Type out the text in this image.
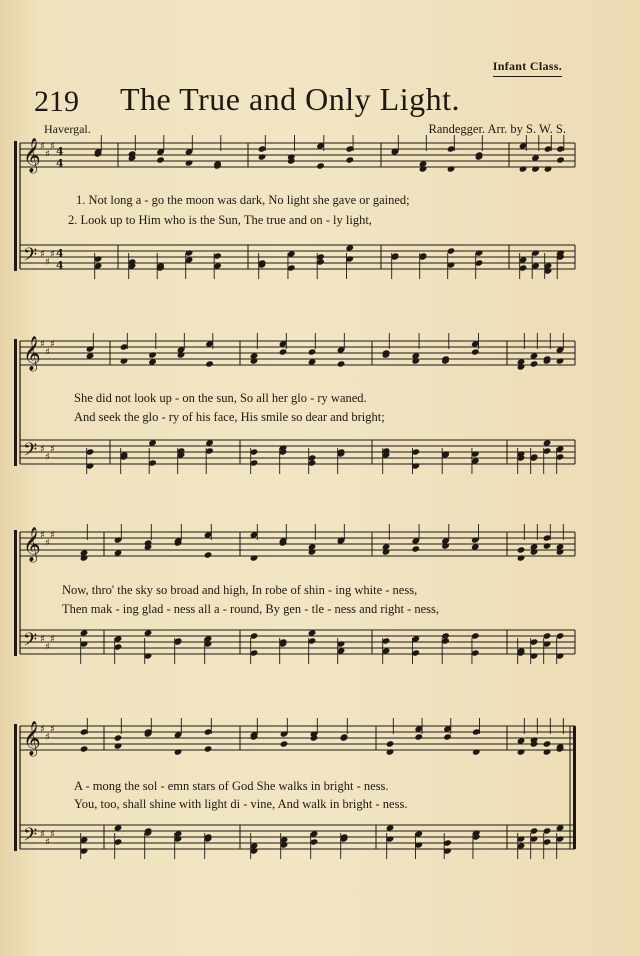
Infant Class.
219 The True and Only Light.
Havergal.	Randegger. Arr. by S. W. S.
𝄞 ♯
♯
♯ 4
4
𝄢 ♯
♯
♯ 4
4
𝄞 ♯
♯
♯
𝄢 ♯
♯
♯
𝄞 ♯
♯
♯
𝄢 ♯
♯
♯
𝄞 ♯
♯
♯
𝄢 ♯
♯
♯
1. Not long a - go the moon was dark, No light she gave or gained;
2. Look up to Him who is the Sun, The true and on - ly light,
She did not look up - on the sun, So all her glo - ry waned.
And seek the glo - ry of his face, His smile so dear and bright;
Now, thro' the sky so broad and high, In robe of shin - ing white - ness,
Then mak - ing glad - ness all a - round, By gen - tle - ness and right - ness,
A - mong the sol - emn stars of God She walks in bright - ness.
You, too, shall shine with light di - vine, And walk in bright - ness.
